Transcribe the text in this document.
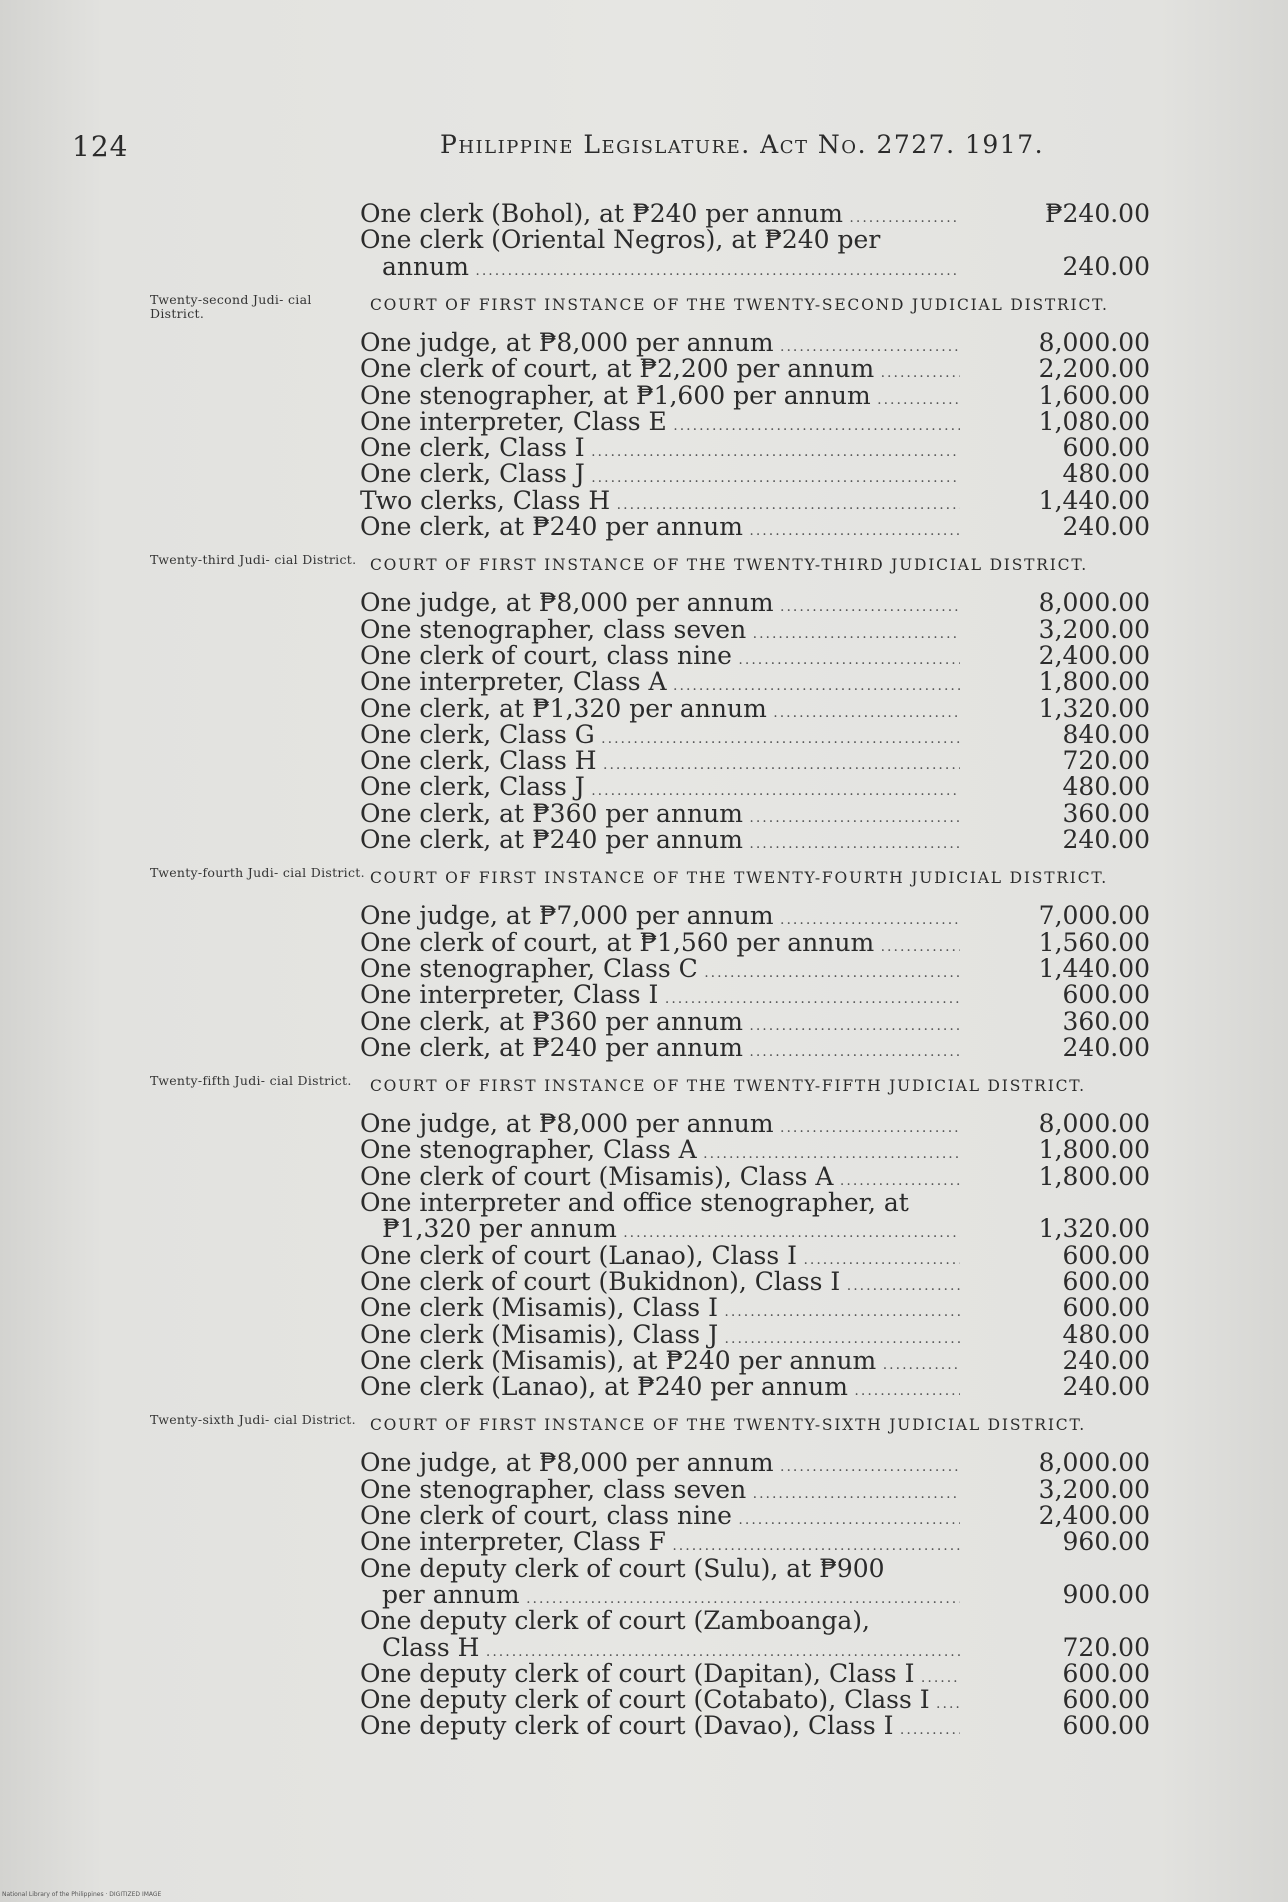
124	Philippine Legislature. Act No. 2727. 1917.
One clerk (Bohol), at ₱240 per annum .....	₱240.00
One clerk (Oriental Negros), at ₱240 per
annum .....	240.00
Twenty-second Judi- cial District.	COURT OF FIRST INSTANCE OF THE TWENTY-SECOND JUDICIAL DISTRICT.
One judge, at ₱8,000 per annum .....	8,000.00
One clerk of court, at ₱2,200 per annum .....	2,200.00
One stenographer, at ₱1,600 per annum .....	1,600.00
One interpreter, Class E .....	1,080.00
One clerk, Class I .....	600.00
One clerk, Class J .....	480.00
Two clerks, Class H .....	1,440.00
One clerk, at ₱240 per annum .....	240.00
Twenty-third Judi- cial District. COURT OF FIRST INSTANCE OF THE TWENTY-THIRD JUDICIAL DISTRICT.
One judge, at ₱8,000 per annum .....	8,000.00
One stenographer, class seven .....	3,200.00
One clerk of court, class nine .....	2,400.00
One interpreter, Class A .....	1,800.00
One clerk, at ₱1,320 per annum .....	1,320.00
One clerk, Class G .....	840.00
One clerk, Class H .....	720.00
One clerk, Class J .....	480.00
One clerk, at ₱360 per annum .....	360.00
One clerk, at ₱240 per annum .....	240.00
Twenty-fourth Judi- cial District. COURT OF FIRST INSTANCE OF THE TWENTY-FOURTH JUDICIAL DISTRICT.
One judge, at ₱7,000 per annum .....	7,000.00
One clerk of court, at ₱1,560 per annum .....	1,560.00
One stenographer, Class C .....	1,440.00
One interpreter, Class I .....	600.00
One clerk, at ₱360 per annum .....	360.00
One clerk, at ₱240 per annum .....	240.00
Twenty-fifth Judi- cial District.	COURT OF FIRST INSTANCE OF THE TWENTY-FIFTH JUDICIAL DISTRICT.
One judge, at ₱8,000 per annum .....	8,000.00
One stenographer, Class A .....	1,800.00
One clerk of court (Misamis), Class A .....	1,800.00
One interpreter and office stenographer, at
₱1,320 per annum .....	1,320.00
One clerk of court (Lanao), Class I .....	600.00
One clerk of court (Bukidnon), Class I .....	600.00
One clerk (Misamis), Class I .....	600.00
One clerk (Misamis), Class J .....	480.00
One clerk (Misamis), at ₱240 per annum .....	240.00
One clerk (Lanao), at ₱240 per annum .....	240.00
Twenty-sixth Judi- cial District. COURT OF FIRST INSTANCE OF THE TWENTY-SIXTH JUDICIAL DISTRICT.
One judge, at ₱8,000 per annum .....	8,000.00
One stenographer, class seven .....	3,200.00
One clerk of court, class nine .....	2,400.00
One interpreter, Class F .....	960.00
One deputy clerk of court (Sulu), at ₱900
per annum .....	900.00
One deputy clerk of court (Zamboanga),
Class H .....	720.00
One deputy clerk of court (Dapitan), Class I .....	600.00
One deputy clerk of court (Cotabato), Class I .....	600.00
One deputy clerk of court (Davao), Class I .....	600.00
National Library of the Philippines · DIGITIZED IMAGE
